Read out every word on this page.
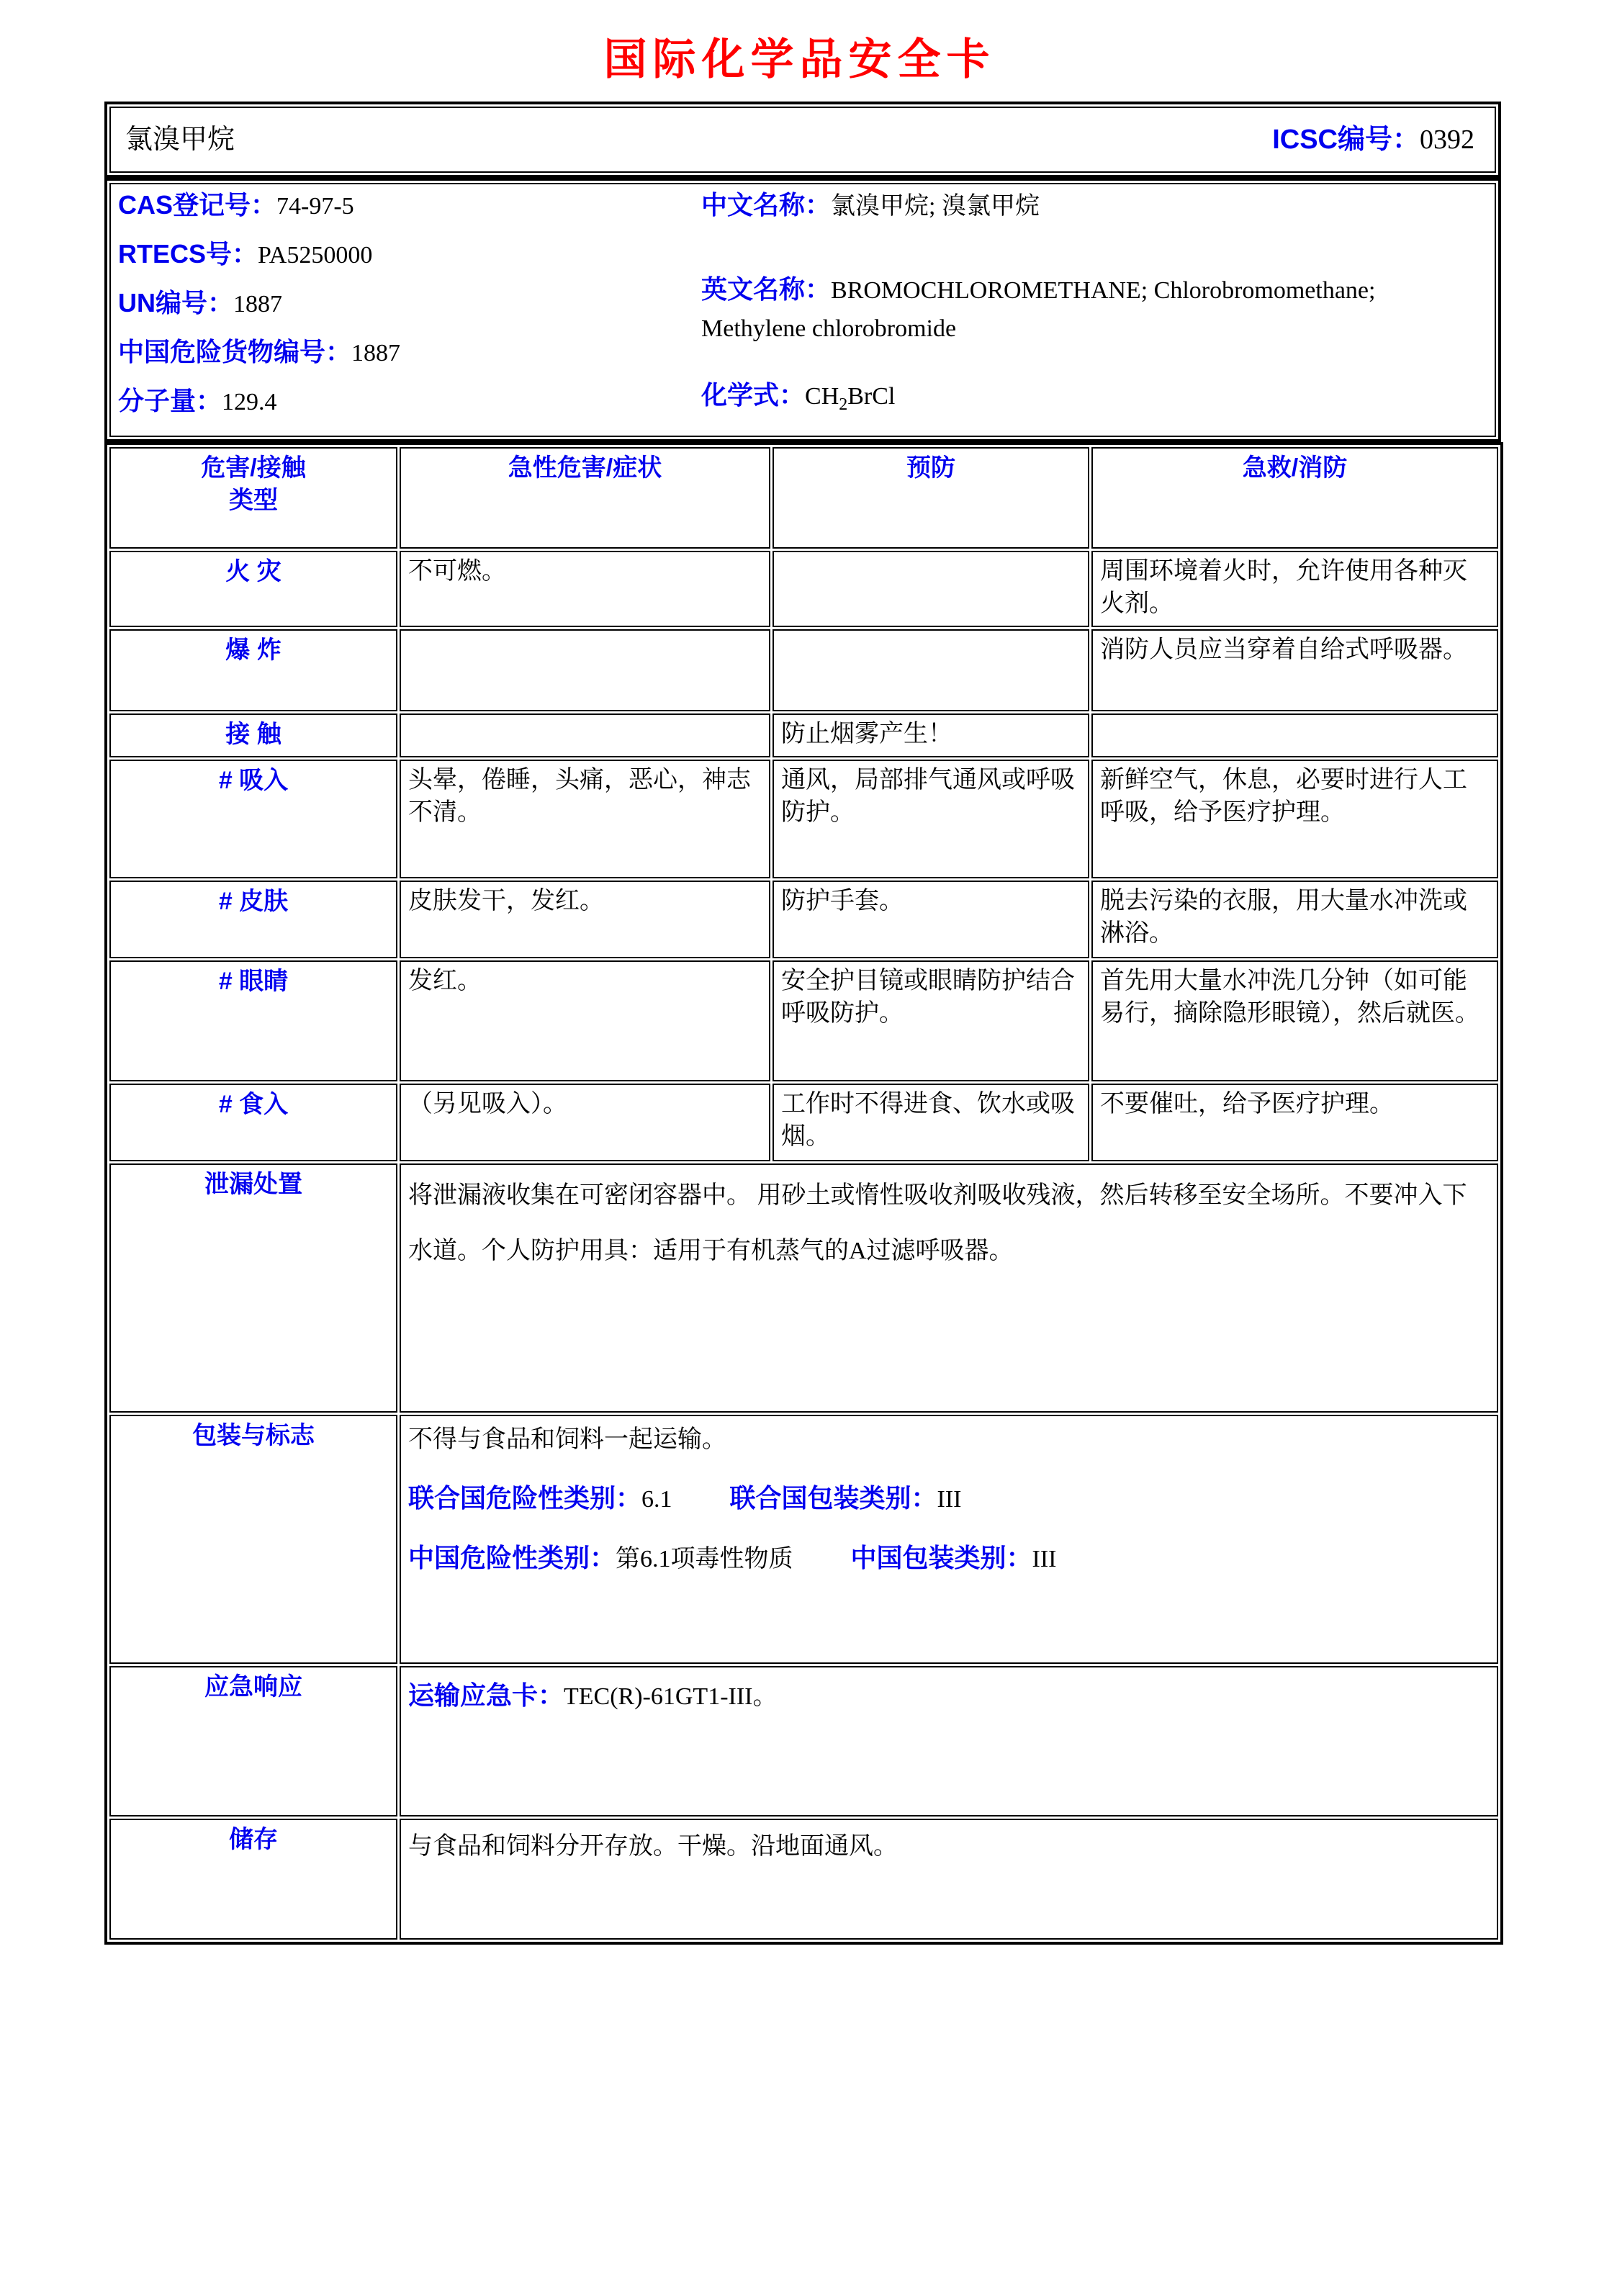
国际化学品安全卡
氯溴甲烷	ICSC编号：0392
CAS登记号：74-97-5
RTECS号：PA5250000
UN编号：1887
中国危险货物编号：1887
分子量：129.4
中文名称：氯溴甲烷; 溴氯甲烷
英文名称：BROMOCHLOROMETHANE; Chlorobromomethane; Methylene chlorobromide
化学式：$CH_2BrCl$
危害/接触
类型	急性危害/症状	预防	急救/消防
火 灾	不可燃。		周围环境着火时，允许使用各种灭火剂。
爆 炸			消防人员应当穿着自给式呼吸器。
接 触		防止烟雾产生！	
# 吸入	头晕，倦睡，头痛，恶心，神志不清。	通风，局部排气通风或呼吸防护。	新鲜空气，休息，必要时进行人工呼吸，给予医疗护理。
# 皮肤	皮肤发干，发红。	防护手套。	脱去污染的衣服，用大量水冲洗或淋浴。
# 眼睛	发红。	安全护目镜或眼睛防护结合呼吸防护。	首先用大量水冲洗几分钟（如可能易行，摘除隐形眼镜），然后就医。
# 食入	（另见吸入）。	工作时不得进食、饮水或吸烟。	不要催吐，给予医疗护理。
泄漏处置	将泄漏液收集在可密闭容器中。 用砂土或惰性吸收剂吸收残液，然后转移至安全场所。不要冲入下水道。个人防护用具：适用于有机蒸气的A过滤呼吸器。		

包装与标志	不得与食品和饲料一起运输。

联合国危险性类别：6.1 联合国包装类别：III

中国危险性类别：第6.1项毒性物质 中国包装类别：III		

应急响应	运输应急卡：TEC(R)-61GT1-III。		

储存	与食品和饲料分开存放。干燥。沿地面通风。		
